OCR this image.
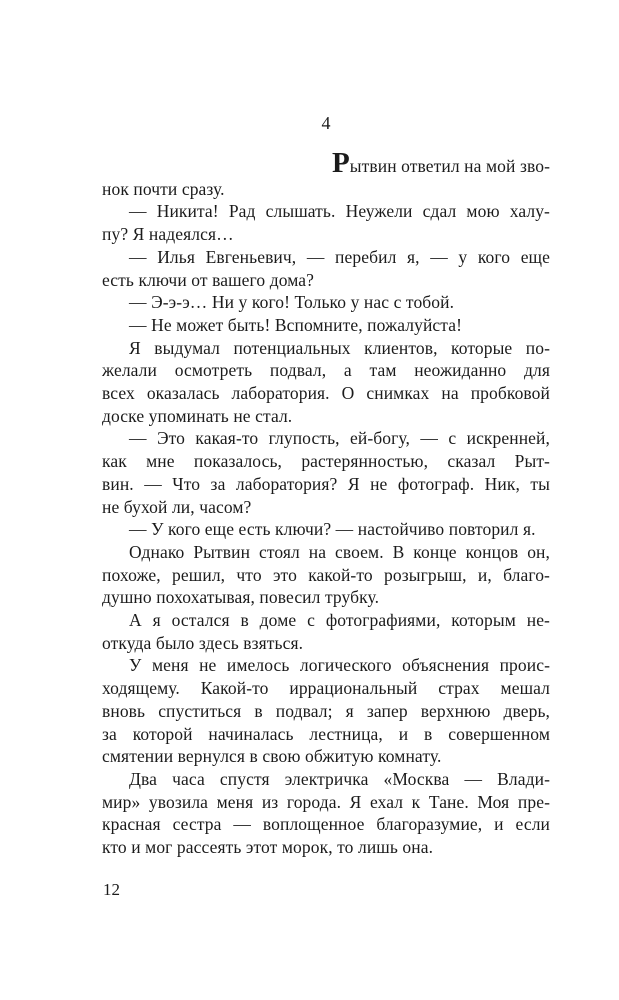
4
Рытвин ответил на мой зво-
нок почти сразу.
— Никита! Рад слышать. Неужели сдал мою халу-
пу? Я надеялся…
— Илья Евгеньевич, — перебил я, — у кого еще
есть ключи от вашего дома?
— Э-э-э… Ни у кого! Только у нас с тобой.
— Не может быть! Вспомните, пожалуйста!
Я выдумал потенциальных клиентов, которые по-
желали осмотреть подвал, а там неожиданно для
всех оказалась лаборатория. О снимках на пробковой
доске упоминать не стал.
— Это какая-то глупость, ей-богу, — с искренней,
как мне показалось, растерянностью, сказал Рыт-
вин. — Что за лаборатория? Я не фотограф. Ник, ты
не бухой ли, часом?
— У кого еще есть ключи? — настойчиво повторил я.
Однако Рытвин стоял на своем. В конце концов он,
похоже, решил, что это какой-то розыгрыш, и, благо-
душно похохатывая, повесил трубку.
А я остался в доме с фотографиями, которым не-
откуда было здесь взяться.
У меня не имелось логического объяснения проис-
ходящему. Какой-то иррациональный страх мешал
вновь спуститься в подвал; я запер верхнюю дверь,
за которой начиналась лестница, и в совершенном
смятении вернулся в свою обжитую комнату.
Два часа спустя электричка «Москва — Влади-
мир» увозила меня из города. Я ехал к Тане. Моя пре-
красная сестра — воплощенное благоразумие, и если
кто и мог рассеять этот морок, то лишь она.
12
